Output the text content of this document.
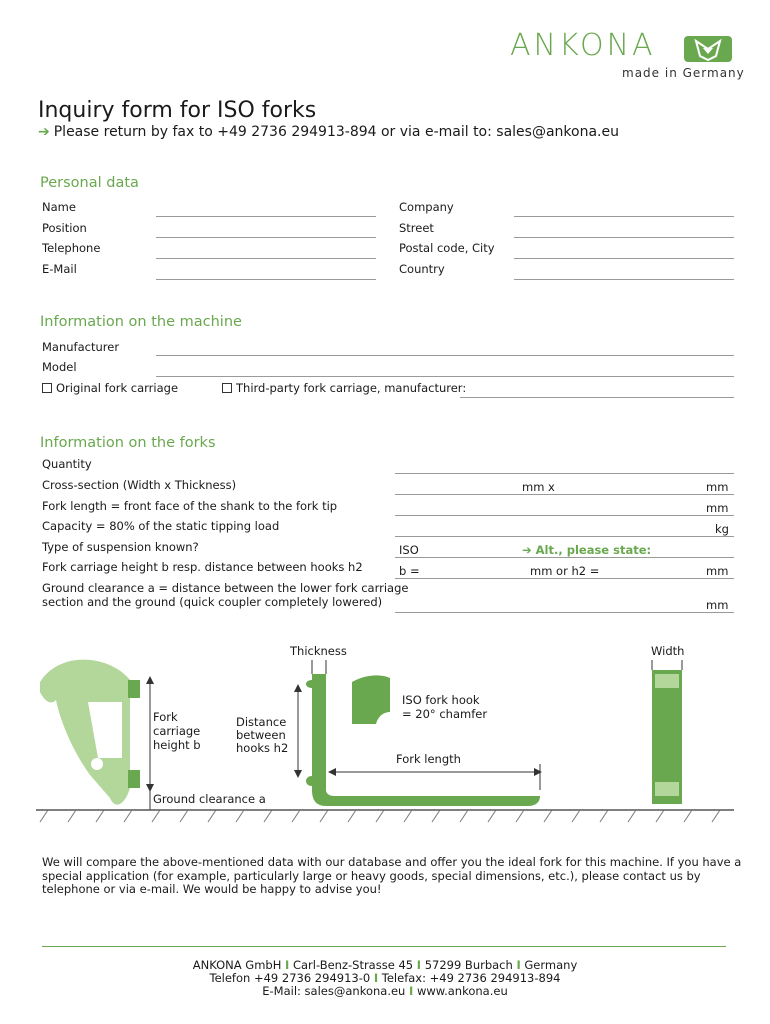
ANKONA
made in Germany
Inquiry form for ISO forks
➔ Please return by fax to +49 2736 294913-894 or via e-mail to: sales@ankona.eu
Personal data
Name	Company
Position	Street
Telephone	Postal code, City
E-Mail	Country
Information on the machine
Manufacturer
Model
Original fork carriage	Third-party fork carriage, manufacturer:
Information on the forks
Quantity
Cross-section (Width x Thickness)	mm x	mm
Fork length = front face of the shank to the fork tip	mm
Capacity = 80% of the static tipping load	kg
Type of suspension known?	ISO	➔ Alt., please state:
Fork carriage height b resp. distance between hooks h2	b =	mm or h2 =	mm
Ground clearance a = distance between the lower fork carriage
section and the ground (quick coupler completely lowered)	mm
Fork
carriage
height b
Ground clearance a
Distance
between
hooks h2
Thickness
ISO fork hook
= 20° chamfer
Fork length
Width
We will compare the above-mentioned data with our database and offer you the ideal fork for this machine. If you have a special application (for example, particularly large or heavy goods, special dimensions, etc.), please contact us by telephone or via e-mail. We would be happy to advise you!
ANKONA GmbH I Carl-Benz-Strasse 45 I 57299 Burbach I Germany
Telefon +49 2736 294913-0 I Telefax: +49 2736 294913-894
E-Mail: sales@ankona.eu I www.ankona.eu
